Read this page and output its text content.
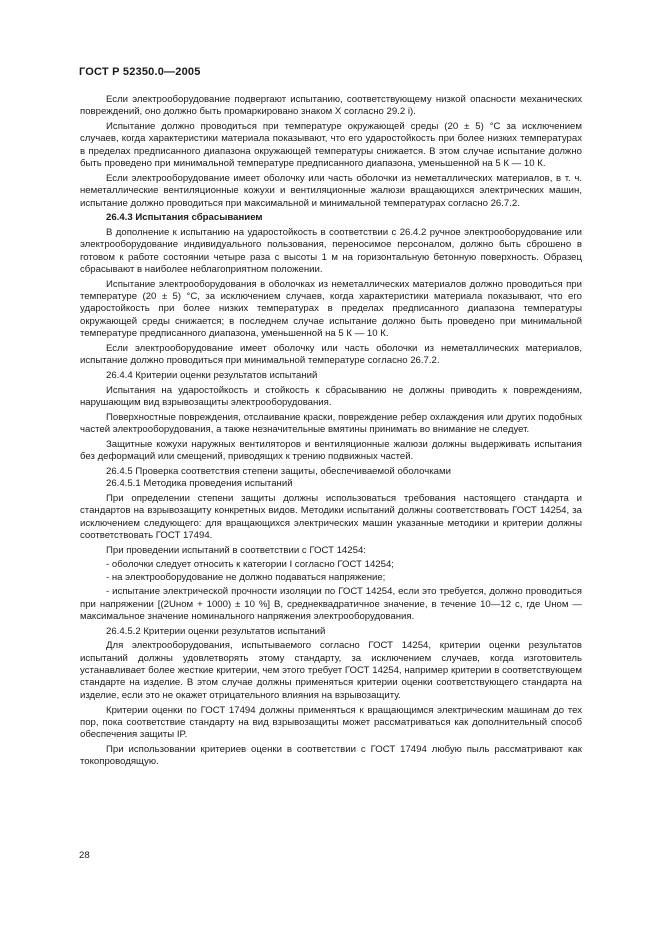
ГОСТ Р 52350.0—2005

Если электрооборудование подвергают испытанию, соответствующему низкой опасности механических повреждений, оно должно быть промаркировано знаком X согласно 29.2 i).

Испытание должно проводиться при температуре окружающей среды (20 ± 5) °С за исключением случаев, когда характеристики материала показывают, что его ударостойкость при более низких температурах в пределах предписанного диапазона окружающей температуры снижается. В этом случае испытание должно быть проведено при минимальной температуре предписанного диапазона, уменьшенной на 5 К — 10 К.

Если электрооборудование имеет оболочку или часть оболочки из неметаллических материалов, в т. ч. неметаллические вентиляционные кожухи и вентиляционные жалюзи вращающихся электрических машин, испытание должно проводиться при максимальной и минимальной температурах согласно 26.7.2.

26.4.3 Испытания сбрасыванием

В дополнение к испытанию на ударостойкость в соответствии с 26.4.2 ручное электрооборудование или электрооборудование индивидуального пользования, переносимое персоналом, должно быть сброшено в готовом к работе состоянии четыре раза с высоты 1 м на горизонтальную бетонную поверхность. Образец сбрасывают в наиболее неблагоприятном положении.

Испытание электрооборудования в оболочках из неметаллических материалов должно проводиться при температуре (20 ± 5) °С, за исключением случаев, когда характеристики материала показывают, что его ударостойкость при более низких температурах в пределах предписанного диапазона температуры окружающей среды снижается; в последнем случае испытание должно быть проведено при минимальной температуре предписанного диапазона, уменьшенной на 5 К — 10 К.

Если электрооборудование имеет оболочку или часть оболочки из неметаллических материалов, испытание должно проводиться при минимальной температуре согласно 26.7.2.

26.4.4 Критерии оценки результатов испытаний

Испытания на ударостойкость и стойкость к сбрасыванию не должны приводить к повреждениям, нарушающим вид взрывозащиты электрооборудования.

Поверхностные повреждения, отслаивание краски, повреждение ребер охлаждения или других подобных частей электрооборудования, а также незначительные вмятины принимать во внимание не следует.

Защитные кожухи наружных вентиляторов и вентиляционные жалюзи должны выдерживать испытания без деформаций или смещений, приводящих к трению подвижных частей.

26.4.5 Проверка соответствия степени защиты, обеспечиваемой оболочками

26.4.5.1 Методика проведения испытаний

При определении степени защиты должны использоваться требования настоящего стандарта и стандартов на взрывозащиту конкретных видов. Методики испытаний должны соответствовать ГОСТ 14254, за исключением следующего: для вращающихся электрических машин указанные методики и критерии должны соответствовать ГОСТ 17494.

При проведении испытаний в соответствии с ГОСТ 14254:

- оболочки следует относить к категории I согласно ГОСТ 14254;

- на электрооборудование не должно подаваться напряжение;

- испытание электрической прочности изоляции по ГОСТ 14254, если это требуется, должно проводиться при напряжении [(2Uном + 1000) ± 10 %] В, среднеквадратичное значение, в течение 10—12 с, где Uном — максимальное значение номинального напряжения электрооборудования.

26.4.5.2 Критерии оценки результатов испытаний

Для электрооборудования, испытываемого согласно ГОСТ 14254, критерии оценки результатов испытаний должны удовлетворять этому стандарту, за исключением случаев, когда изготовитель устанавливает более жесткие критерии, чем этого требует ГОСТ 14254, например критерии в соответствующем стандарте на изделие. В этом случае должны применяться критерии оценки соответствующего стандарта на изделие, если это не окажет отрицательного влияния на взрывозащиту.

Критерии оценки по ГОСТ 17494 должны применяться к вращающимся электрическим машинам до тех пор, пока соответствие стандарту на вид взрывозащиты может рассматриваться как дополнительный способ обеспечения защиты IP.

При использовании критериев оценки в соответствии с ГОСТ 17494 любую пыль рассматривают как токопроводящую.

28
